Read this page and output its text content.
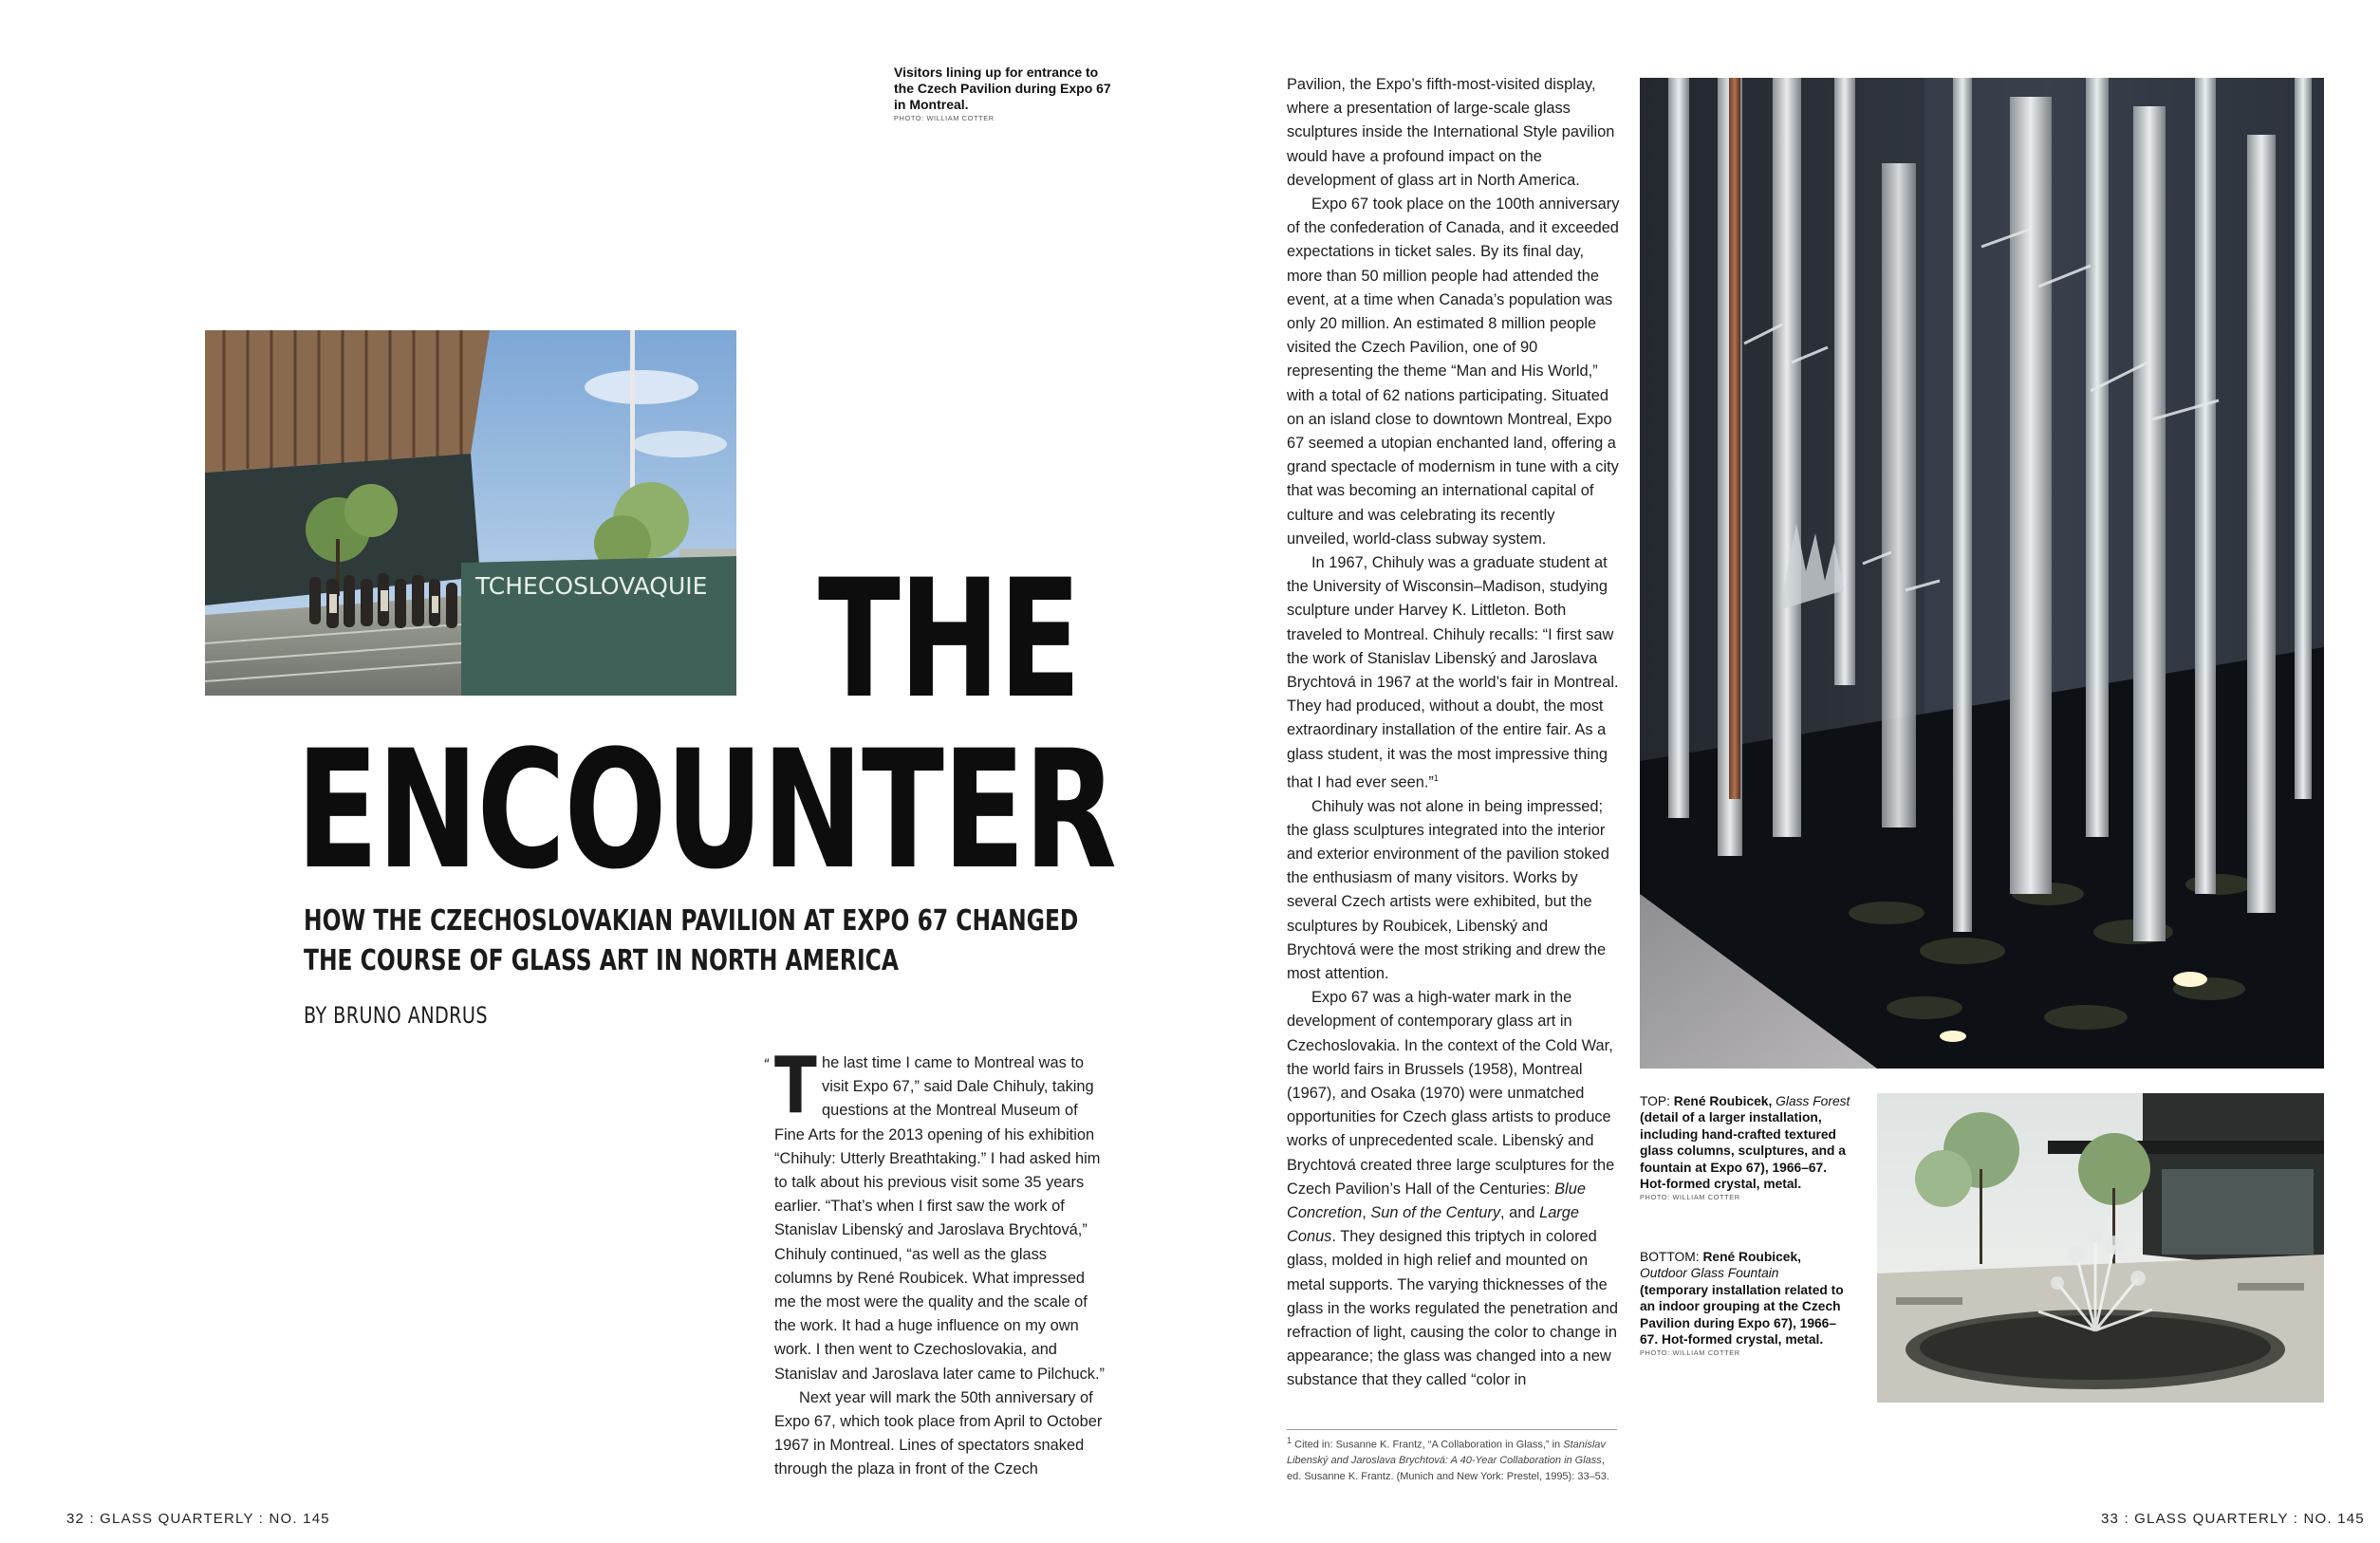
Visitors lining up for entrance to the Czech Pavilion during Expo 67 in Montreal.
PHOTO: WILLIAM COTTER
TCHECOSLOVAQUIE THE
ENCOUNTER
HOW THE CZECHOSLOVAKIAN PAVILION AT EXPO 67 CHANGED
THE COURSE OF GLASS ART IN NORTH AMERICA
BY BRUNO ANDRUS

“ T he last time I came to Montreal was to visit Expo 67,” said Dale Chihuly, taking questions at the Montreal Museum of Fine Arts for the 2013 opening of his exhibition “Chihuly: Utterly Breathtaking.” I had asked him to talk about his previous visit some 35 years earlier. “That’s when I first saw the work of Stanislav Libenský and Jaroslava Brychtová,” Chihuly continued, “as well as the glass columns by René Roubicek. What impressed me the most were the quality and the scale of the work. It had a huge influence on my own work. I then went to Czechoslovakia, and Stanislav and Jaroslava later came to Pilchuck.”

Next year will mark the 50th anniversary of Expo 67, which took place from April to October 1967 in Montreal. Lines of spectators snaked through the plaza in front of the Czech

32 : GLASS QUARTERLY : NO. 145

Pavilion, the Expo’s fifth-most-visited display, where a presentation of large-scale glass sculptures inside the International Style pavilion would have a profound impact on the development of glass art in North America.

Expo 67 took place on the 100th anniversary of the confederation of Canada, and it exceeded expectations in ticket sales. By its final day, more than 50 million people had attended the event, at a time when Canada’s population was only 20 million. An estimated 8 million people visited the Czech Pavilion, one of 90 representing the theme “Man and His World,” with a total of 62 nations participating. Situated on an island close to downtown Montreal, Expo 67 seemed a utopian enchanted land, offering a grand spectacle of modernism in tune with a city that was becoming an international capital of culture and was celebrating its recently unveiled, world-class subway system.

In 1967, Chihuly was a graduate student at the University of Wisconsin–Madison, studying sculpture under Harvey K. Littleton. Both traveled to Montreal. Chihuly recalls: “I first saw the work of Stanislav Libenský and Jaroslava Brychtová in 1967 at the world’s fair in Montreal. They had produced, without a doubt, the most extraordinary installation of the entire fair. As a glass student, it was the most impressive thing that I had ever seen.”$^1$

Chihuly was not alone in being impressed; the glass sculptures integrated into the interior and exterior environment of the pavilion stoked the enthusiasm of many visitors. Works by several Czech artists were exhibited, but the sculptures by Roubicek, Libenský and Brychtová were the most striking and drew the most attention.

Expo 67 was a high-water mark in the development of contemporary glass art in Czechoslovakia. In the context of the Cold War, the world fairs in Brussels (1958), Montreal (1967), and Osaka (1970) were unmatched opportunities for Czech glass artists to produce works of unprecedented scale. Libenský and Brychtová created three large sculptures for the Czech Pavilion’s Hall of the Centuries: Blue Concretion, Sun of the Century, and Large Conus. They designed this triptych in colored glass, molded in high relief and mounted on metal supports. The varying thicknesses of the glass in the works regulated the penetration and refraction of light, causing the color to change in appearance; the glass was changed into a new substance that they called “color in

$^1$ Cited in: Susanne K. Frantz, “A Collaboration in Glass,” in Stanislav Libenský and Jaroslava Brychtová: A 40-Year Collaboration in Glass, ed. Susanne K. Frantz. (Munich and New York: Prestel, 1995): 33–53.
TOP: René Roubicek, Glass Forest (detail of a larger installation, including hand-crafted textured glass columns, sculptures, and a fountain at Expo 67), 1966–67. Hot-formed crystal, metal.
PHOTO: WILLIAM COTTER
BOTTOM: René Roubicek,
Outdoor Glass Fountain
(temporary installation related to an indoor grouping at the Czech Pavilion during Expo 67), 1966–67. Hot-formed crystal, metal.
PHOTO: WILLIAM COTTER
33 : GLASS QUARTERLY : NO. 145
